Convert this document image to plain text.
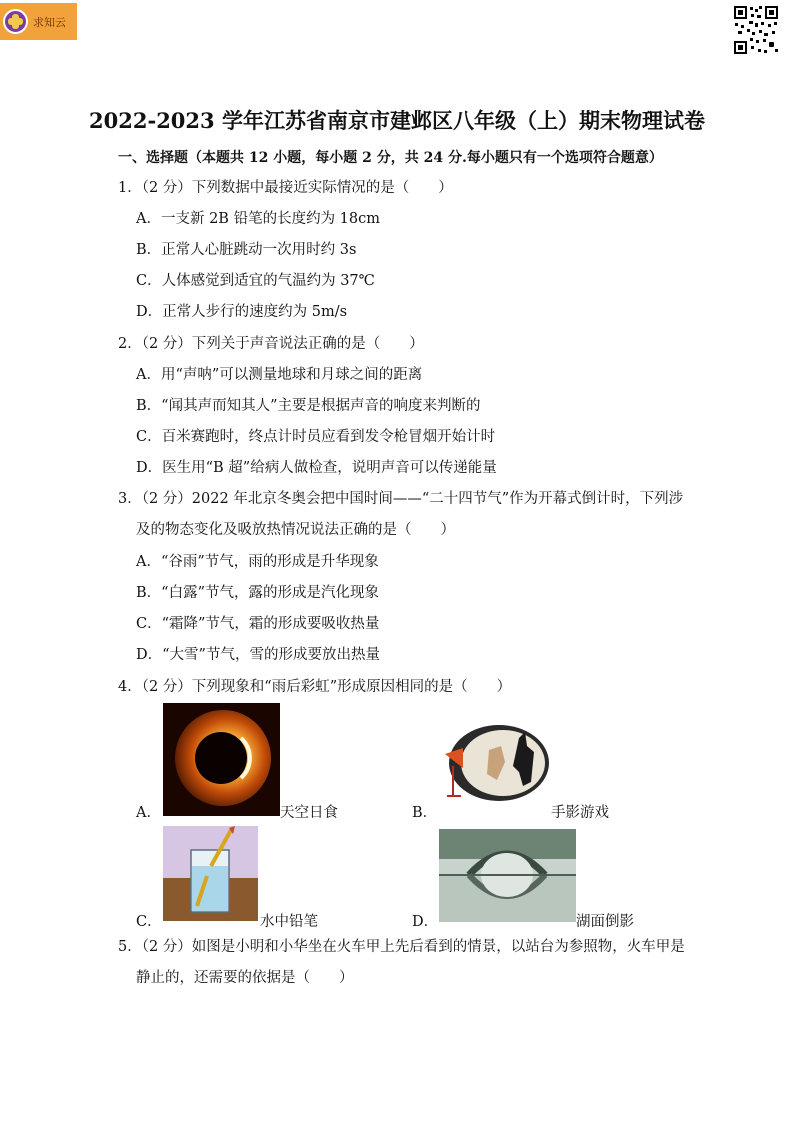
求知云
2022-2023 学年江苏省南京市建邺区八年级（上）期末物理试卷
一、选择题（本题共 12 小题，每小题 2 分，共 24 分.每小题只有一个选项符合题意）
1．（2 分）下列数据中最接近实际情况的是（　　）
A．一支新 2B 铅笔的长度约为 18cm
B．正常人心脏跳动一次用时约 3s
C．人体感觉到适宜的气温约为 37℃
D．正常人步行的速度约为 5m/s
2．（2 分）下列关于声音说法正确的是（　　）
A．用“声呐”可以测量地球和月球之间的距离
B．“闻其声而知其人”主要是根据声音的响度来判断的
C．百米赛跑时，终点计时员应看到发令枪冒烟开始计时
D．医生用“B 超”给病人做检查，说明声音可以传递能量
3．（2 分）2022 年北京冬奥会把中国时间——“二十四节气”作为开幕式倒计时，下列涉
及的物态变化及吸放热情况说法正确的是（　　）
A．“谷雨”节气，雨的形成是升华现象
B．“白露”节气，露的形成是汽化现象
C．“霜降”节气，霜的形成要吸收热量
D．“大雪”节气，雪的形成要放出热量
4．（2 分）下列现象和“雨后彩虹”形成原因相同的是（　　）
A．	天空日食	B．	手影游戏
C．	水中铅笔	D．	湖面倒影
5．（2 分）如图是小明和小华坐在火车甲上先后看到的情景，以站台为参照物，火车甲是
静止的，还需要的依据是（　　）
